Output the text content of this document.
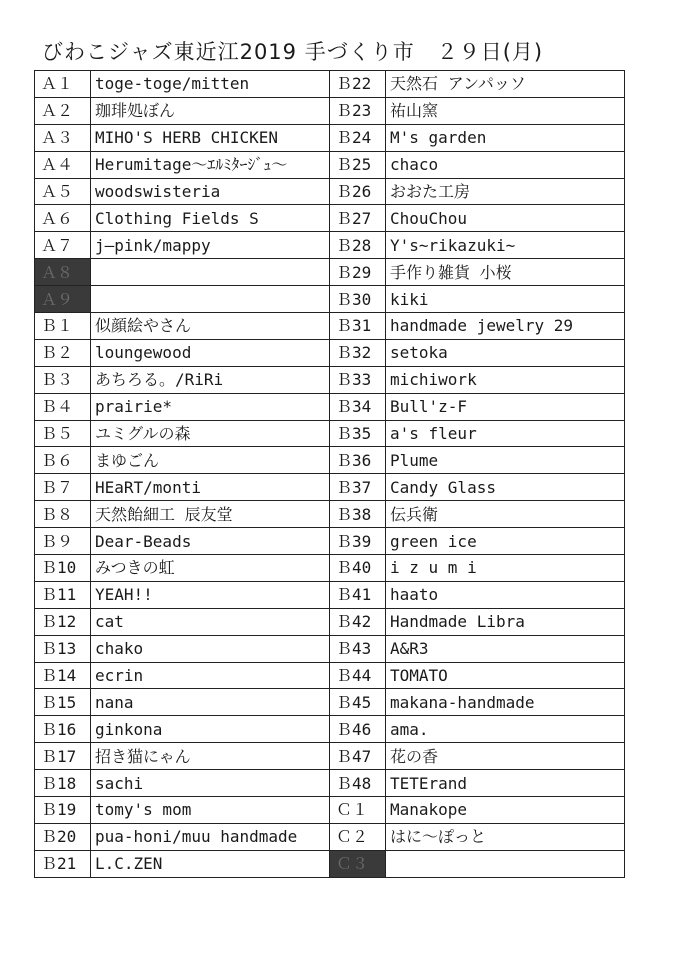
びわこジャズ東近江2019 手づくり市　２９日(月)
Ａ１	toge-toge/mitten	Ｂ22	天然石 アンパッソ
Ａ２	珈琲処ぼん	Ｂ23	祐山窯
Ａ３	MIHO'S HERB CHICKEN	Ｂ24	M's garden
Ａ４	Herumitage～ｴﾙﾐﾀｰｼﾞｭ～	Ｂ25	chaco
Ａ５	woodswisteria	Ｂ26	おおた工房
Ａ６	Clothing Fields S	Ｂ27	ChouChou
Ａ７	j―pink/mappy	Ｂ28	Y's~rikazuki~
Ａ８		Ｂ29	手作り雑貨 小桜
Ａ９		Ｂ30	kiki
Ｂ１	似顔絵やさん	Ｂ31	handmade jewelry 29
Ｂ２	loungewood	Ｂ32	setoka
Ｂ３	あちろる。/RiRi	Ｂ33	michiwork
Ｂ４	prairie*	Ｂ34	Bull'z-F
Ｂ５	ユミグルの森	Ｂ35	a's fleur
Ｂ６	まゆごん	Ｂ36	Plume
Ｂ７	HEaRT/monti	Ｂ37	Candy Glass
Ｂ８	天然飴細工 辰友堂	Ｂ38	伝兵衛
Ｂ９	Dear-Beads	Ｂ39	green ice
Ｂ10	みつきの虹	Ｂ40	i z u m i
Ｂ11	YEAH!!	Ｂ41	haato
Ｂ12	cat	Ｂ42	Handmade Libra
Ｂ13	chako	Ｂ43	A&R3
Ｂ14	ecrin	Ｂ44	TOMATO
Ｂ15	nana	Ｂ45	makana-handmade
Ｂ16	ginkona	Ｂ46	ama.
Ｂ17	招き猫にゃん	Ｂ47	花の香
Ｂ18	sachi	Ｂ48	TETErand
Ｂ19	tomy's mom	Ｃ１	Manakope
Ｂ20	pua-honi/muu handmade	Ｃ２	はに～ぽっと
Ｂ21	L.C.ZEN	Ｃ３	
